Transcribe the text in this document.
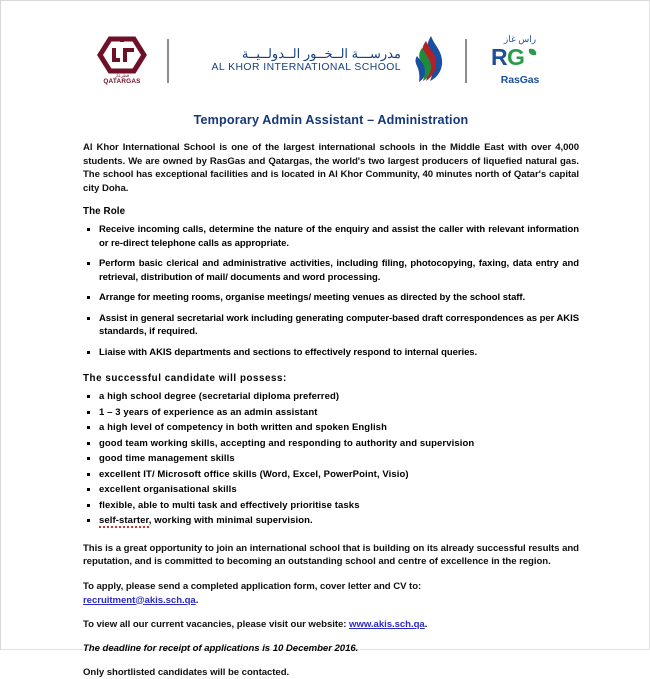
قطرغاز
QATARGAS
مدرســـة الــخــور الــدولــيــة
AL KHOR INTERNATIONAL SCHOOL
راس غاز
R G
RasGas
Temporary Admin Assistant – Administration

Al Khor International School is one of the largest international schools in the Middle East with over 4,000 students. We are owned by RasGas and Qatargas, the world's two largest producers of liquefied natural gas. The school has exceptional facilities and is located in Al Khor Community, 40 minutes north of Qatar's capital city Doha.

The Role
Receive incoming calls, determine the nature of the enquiry and assist the caller with relevant information or re-direct telephone calls as appropriate.
Perform basic clerical and administrative activities, including filing, photocopying, faxing, data entry and retrieval, distribution of mail/ documents and word processing.
Arrange for meeting rooms, organise meetings/ meeting venues as directed by the school staff.
Assist in general secretarial work including generating computer-based draft correspondences as per AKIS standards, if required.
Liaise with AKIS departments and sections to effectively respond to internal queries.
The successful candidate will possess:
a high school degree (secretarial diploma preferred)
1 – 3 years of experience as an admin assistant
a high level of competency in both written and spoken English
good team working skills, accepting and responding to authority and supervision
good time management skills
excellent IT/ Microsoft office skills (Word, Excel, PowerPoint, Visio)
excellent organisational skills
flexible, able to multi task and effectively prioritise tasks
self-starter, working with minimal supervision.

This is a great opportunity to join an international school that is building on its already successful results and reputation, and is committed to becoming an outstanding school and centre of excellence in the region.

To apply, please send a completed application form, cover letter and CV to:
recruitment@akis.sch.qa.

To view all our current vacancies, please visit our website: www.akis.sch.qa.

The deadline for receipt of applications is 10 December 2016.

Only shortlisted candidates will be contacted.
